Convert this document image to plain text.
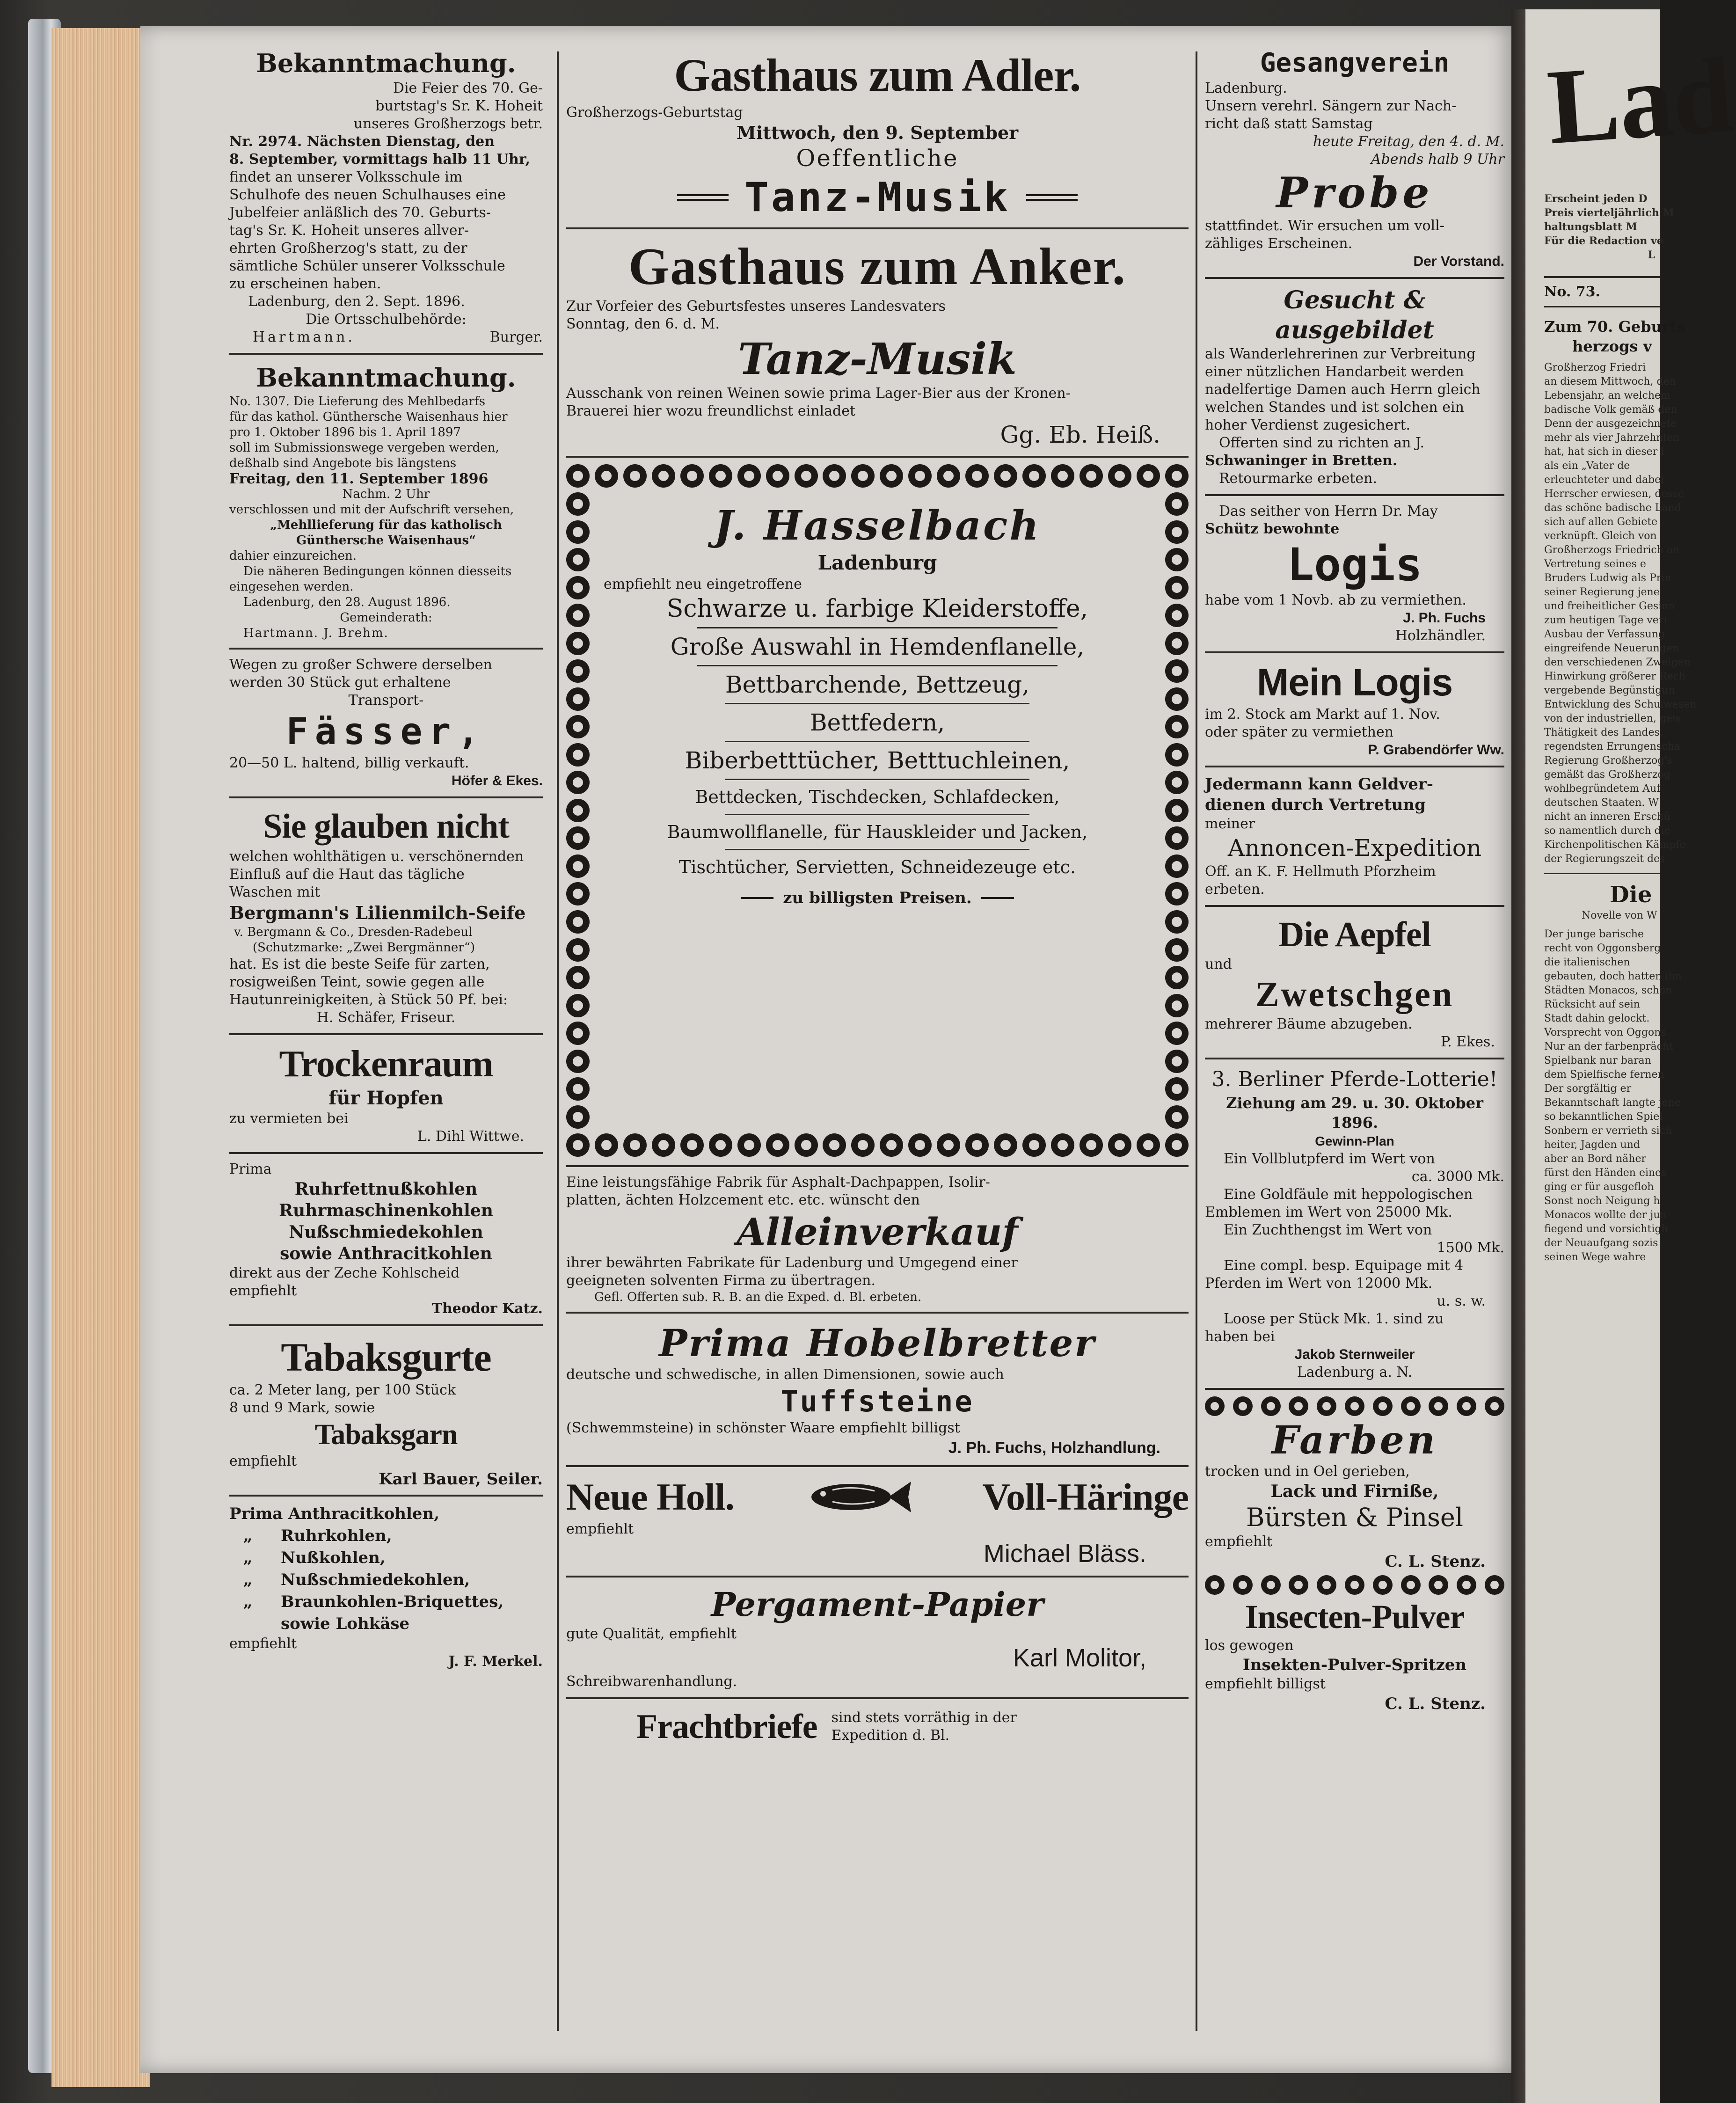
Bekanntmachung.
Die Feier des 70. Ge-
burtstag's Sr. K. Hoheit
unseres Großherzogs betr.
Nr. 2974. Nächsten Dienstag, den
8. September, vormittags halb 11 Uhr,
findet an unserer Volksschule im
Schulhofe des neuen Schulhauses eine
Jubelfeier anläßlich des 70. Geburts-
tag's Sr. K. Hoheit unseres allver-
ehrten Großherzog's statt, zu der
sämtliche Schüler unserer Volksschule
zu erscheinen haben.
Ladenburg, den 2. Sept. 1896.
Die Ortsschulbehörde:
Hartmann.	Burger.
Bekanntmachung.
No. 1307. Die Lieferung des Mehlbedarfs
für das kathol. Günthersche Waisenhaus hier
pro 1. Oktober 1896 bis 1. April 1897
soll im Submissionswege vergeben werden,
deßhalb sind Angebote bis längstens
Freitag, den 11. September 1896
Nachm. 2 Uhr
verschlossen und mit der Aufschrift versehen,
„Mehllieferung für das katholisch
Günthersche Waisenhaus“
dahier einzureichen.
Die näheren Bedingungen können diesseits
eingesehen werden.
Ladenburg, den 28. August 1896.
Gemeinderath:
Hartmann. J. Brehm.
Wegen zu großer Schwere derselben
werden 30 Stück gut erhaltene
Transport-
Fässer,
20—50 L. haltend, billig verkauft.
Höfer & Ekes.
Sie glauben nicht
welchen wohlthätigen u. verschönernden
Einfluß auf die Haut das tägliche
Waschen mit
Bergmann's Lilienmilch-Seife
v. Bergmann & Co., Dresden-Radebeul
(Schutzmarke: „Zwei Bergmänner“)
hat. Es ist die beste Seife für zarten,
rosigweißen Teint, sowie gegen alle
Hautunreinigkeiten, à Stück 50 Pf. bei:
H. Schäfer, Friseur.
Trockenraum
für Hopfen
zu vermieten bei
L. Dihl Wittwe.
Prima
Ruhrfettnußkohlen
Ruhrmaschinenkohlen
Nußschmiedekohlen
sowie Anthracitkohlen
direkt aus der Zeche Kohlscheid
empfiehlt
Theodor Katz.
Tabaksgurte
ca. 2 Meter lang, per 100 Stück
8 und 9 Mark, sowie
Tabaksgarn
empfiehlt
Karl Bauer, Seiler.
Prima Anthracitkohlen,
„ Ruhrkohlen,
„ Nußkohlen,
„ Nußschmiedekohlen,
„ Braunkohlen-Briquettes,
sowie Lohkäse
empfiehlt
J. F. Merkel.
Gasthaus zum Adler.
Großherzogs-Geburtstag
Mittwoch, den 9. September
Oeffentliche
Tanz-Musik
Gasthaus zum Anker.
Zur Vorfeier des Geburtsfestes unseres Landesvaters
Sonntag, den 6. d. M.
Tanz-Musik
Ausschank von reinen Weinen sowie prima Lager-Bier aus der Kronen-
Brauerei hier wozu freundlichst einladet
Gg. Eb. Heiß.
J. Hasselbach
Ladenburg
empfiehlt neu eingetroffene
Schwarze u. farbige Kleiderstoffe,
Große Auswahl in Hemdenflanelle,
Bettbarchende, Bettzeug,
Bettfedern,
Biberbetttücher, Betttuchleinen,
Bettdecken, Tischdecken, Schlafdecken,
Baumwollflanelle, für Hauskleider und Jacken,
Tischtücher, Servietten, Schneidezeuge etc.
zu billigsten Preisen.
Eine leistungsfähige Fabrik für Asphalt-Dachpappen, Isolir-
platten, ächten Holzcement etc. etc. wünscht den
Alleinverkauf
ihrer bewährten Fabrikate für Ladenburg und Umgegend einer
geeigneten solventen Firma zu übertragen.
Gefl. Offerten sub. R. B. an die Exped. d. Bl. erbeten.
Prima Hobelbretter
deutsche und schwedische, in allen Dimensionen, sowie auch
Tuffsteine
(Schwemmsteine) in schönster Waare empfiehlt billigst
J. Ph. Fuchs, Holzhandlung.
Neue Holl.	Voll-Häringe
empfiehlt
Michael Bläss.
Pergament-Papier
gute Qualität, empfiehlt
Karl Molitor,
Schreibwarenhandlung.
Frachtbriefe sind stets vorräthig in der
Expedition d. Bl.
Gesangverein
Ladenburg.
Unsern verehrl. Sängern zur Nach-
richt daß statt Samstag
heute Freitag, den 4. d. M.
Abends halb 9 Uhr
Probe
stattfindet. Wir ersuchen um voll-
zähliges Erscheinen.
Der Vorstand.
Gesucht & ausgebildet
als Wanderlehrerinen zur Verbreitung
einer nützlichen Handarbeit werden
nadelfertige Damen auch Herrn gleich
welchen Standes und ist solchen ein
hoher Verdienst zugesichert.
Offerten sind zu richten an J.
Schwaninger in Bretten.
Retourmarke erbeten.
Das seither von Herrn Dr. May
Schütz bewohnte
Logis
habe vom 1 Novb. ab zu vermiethen.
J. Ph. Fuchs
Holzhändler.
Mein Logis
im 2. Stock am Markt auf 1. Nov.
oder später zu vermiethen
P. Grabendörfer Ww.
Jedermann kann Geldver-
dienen durch Vertretung
meiner
Annoncen-Expedition
Off. an K. F. Hellmuth Pforzheim
erbeten.
Die Aepfel
und
Zwetschgen
mehrerer Bäume abzugeben.
P. Ekes.
3. Berliner Pferde-Lotterie!
Ziehung am 29. u. 30. Oktober 1896.
Gewinn-Plan
Ein Vollblutpferd im Wert von
ca. 3000 Mk.
Eine Goldfäule mit heppologischen
Emblemen im Wert von 25000 Mk.
Ein Zuchthengst im Wert von
1500 Mk.
Eine compl. besp. Equipage mit 4
Pferden im Wert von 12000 Mk.
u. s. w.
Loose per Stück Mk. 1. sind zu
haben bei
Jakob Sternweiler
Ladenburg a. N.
Farben
trocken und in Oel gerieben,
Lack und Firniße,
Bürsten & Pinsel
empfiehlt
C. L. Stenz.
Insecten-Pulver
los gewogen
Insekten-Pulver-Spritzen
empfiehlt billigst
C. L. Stenz.
Lad
Erscheint jeden D
Preis vierteljährlich M
haltungsblatt M
Für die Redaction ve
L
No. 73.
Zum 70. Geburts
herzogs v
Großherzog Friedri
an diesem Mittwoch, den
Lebensjahr, an welchem
badische Volk gemäß den
Denn der ausgezeichnete
mehr als vier Jahrzehnten
hat, hat sich in dieser l
als ein „Vater de
erleuchteter und dabei
Herrscher erwiesen, desse
das schöne badische Land
sich auf allen Gebiete
verknüpft. Gleich von
Großherzogs Friedrich an
Vertretung seines e
Bruders Ludwig als Prin
seiner Regierung jene
und freiheitlicher Gesinn
zum heutigen Tage veri
Ausbau der Verfassung
eingreifende Neuerungen
den verschiedenen Zweigen
Hinwirkung größerer Rech
vergebende Begünstigun
Entwicklung des Schulwesen
von der industriellen, gew
Thätigkeit des Landes.
regendsten Errungenscha
Regierung Großherzog's
gemäßt das Großherzog
wohlbegründetem Auf
deutschen Staaten. W
nicht an inneren Erschü
so namentlich durch die
Kirchenpolitischen Kämpfe
der Regierungszeit des
Die
Novelle von W
Der junge barische
recht von Oggonsberg
die italienischen
gebauten, doch hatten ihn
Städten Monacos, schon
Rücksicht auf sein
Stadt dahin gelockt.
Vorsprecht von Oggons
Nur an der farbenprächt
Spielbank nur baran
dem Spielfische fernen
Der sorgfältig er
Bekanntschaft langte jene
so bekanntlichen Spiel
Sonbern er verrieth sich
heiter, Jagden und
aber an Bord näher
fürst den Händen eines
ging er für ausgefloh
Sonst noch Neigung h
Monacos wollte der jun
fiegend und vorsichtigh
der Neuaufgang sozis
seinen Wege wahre
